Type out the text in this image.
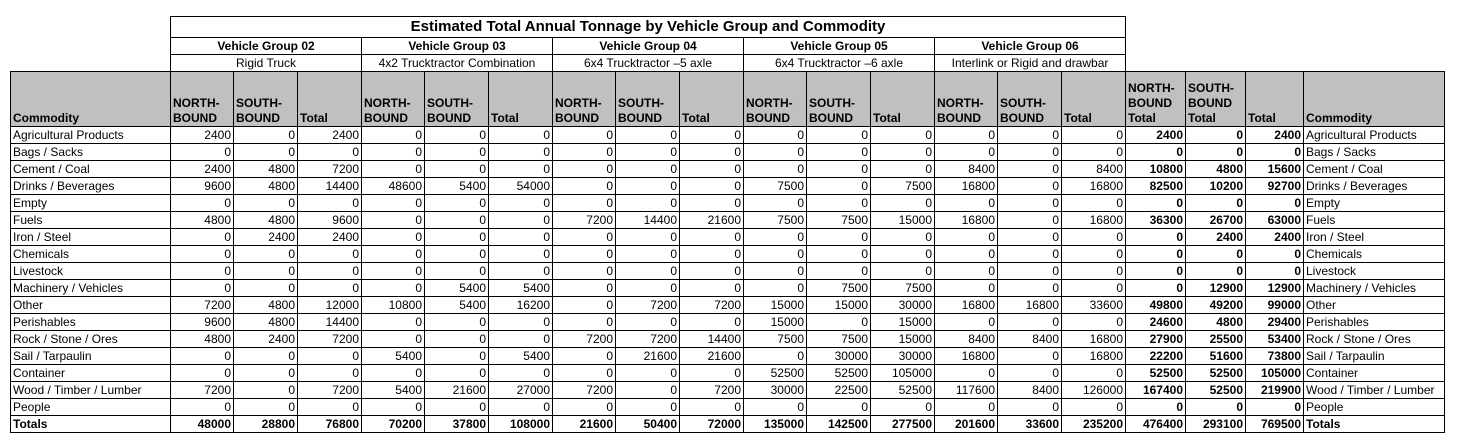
	Estimated Total Annual Tonnage by Vehicle Group and Commodity																		
	Vehicle Group 02			Vehicle Group 03			Vehicle Group 04			Vehicle Group 05			Vehicle Group 06						
	Rigid Truck			4x2 Trucktractor Combination			6x4 Trucktractor –5 axle			6x4 Trucktractor –6 axle			Interlink or Rigid and drawbar						
Commodity	NORTH-BOUND	SOUTH-BOUND	Total	NORTH-BOUND	SOUTH-BOUND	Total	NORTH-BOUND	SOUTH-BOUND	Total	NORTH-BOUND	SOUTH-BOUND	Total	NORTH-BOUND	SOUTH-BOUND	Total	NORTH-BOUND Total	SOUTH-BOUND Total	Total	Commodity
Agricultural Products	2400	0	2400	0	0	0	0	0	0	0	0	0	0	0	0	2400	0	2400	Agricultural Products
Bags / Sacks	0	0	0	0	0	0	0	0	0	0	0	0	0	0	0	0	0	0	Bags / Sacks
Cement / Coal	2400	4800	7200	0	0	0	0	0	0	0	0	0	8400	0	8400	10800	4800	15600	Cement / Coal
Drinks / Beverages	9600	4800	14400	48600	5400	54000	0	0	0	7500	0	7500	16800	0	16800	82500	10200	92700	Drinks / Beverages
Empty	0	0	0	0	0	0	0	0	0	0	0	0	0	0	0	0	0	0	Empty
Fuels	4800	4800	9600	0	0	0	7200	14400	21600	7500	7500	15000	16800	0	16800	36300	26700	63000	Fuels
Iron / Steel	0	2400	2400	0	0	0	0	0	0	0	0	0	0	0	0	0	2400	2400	Iron / Steel
Chemicals	0	0	0	0	0	0	0	0	0	0	0	0	0	0	0	0	0	0	Chemicals
Livestock	0	0	0	0	0	0	0	0	0	0	0	0	0	0	0	0	0	0	Livestock
Machinery / Vehicles	0	0	0	0	5400	5400	0	0	0	0	7500	7500	0	0	0	0	12900	12900	Machinery / Vehicles
Other	7200	4800	12000	10800	5400	16200	0	7200	7200	15000	15000	30000	16800	16800	33600	49800	49200	99000	Other
Perishables	9600	4800	14400	0	0	0	0	0	0	15000	0	15000	0	0	0	24600	4800	29400	Perishables
Rock / Stone / Ores	4800	2400	7200	0	0	0	7200	7200	14400	7500	7500	15000	8400	8400	16800	27900	25500	53400	Rock / Stone / Ores
Sail / Tarpaulin	0	0	0	5400	0	5400	0	21600	21600	0	30000	30000	16800	0	16800	22200	51600	73800	Sail / Tarpaulin
Container	0	0	0	0	0	0	0	0	0	52500	52500	105000	0	0	0	52500	52500	105000	Container
Wood / Timber / Lumber	7200	0	7200	5400	21600	27000	7200	0	7200	30000	22500	52500	117600	8400	126000	167400	52500	219900	Wood / Timber / Lumber
People	0	0	0	0	0	0	0	0	0	0	0	0	0	0	0	0	0	0	People
Totals	48000	28800	76800	70200	37800	108000	21600	50400	72000	135000	142500	277500	201600	33600	235200	476400	293100	769500	Totals
